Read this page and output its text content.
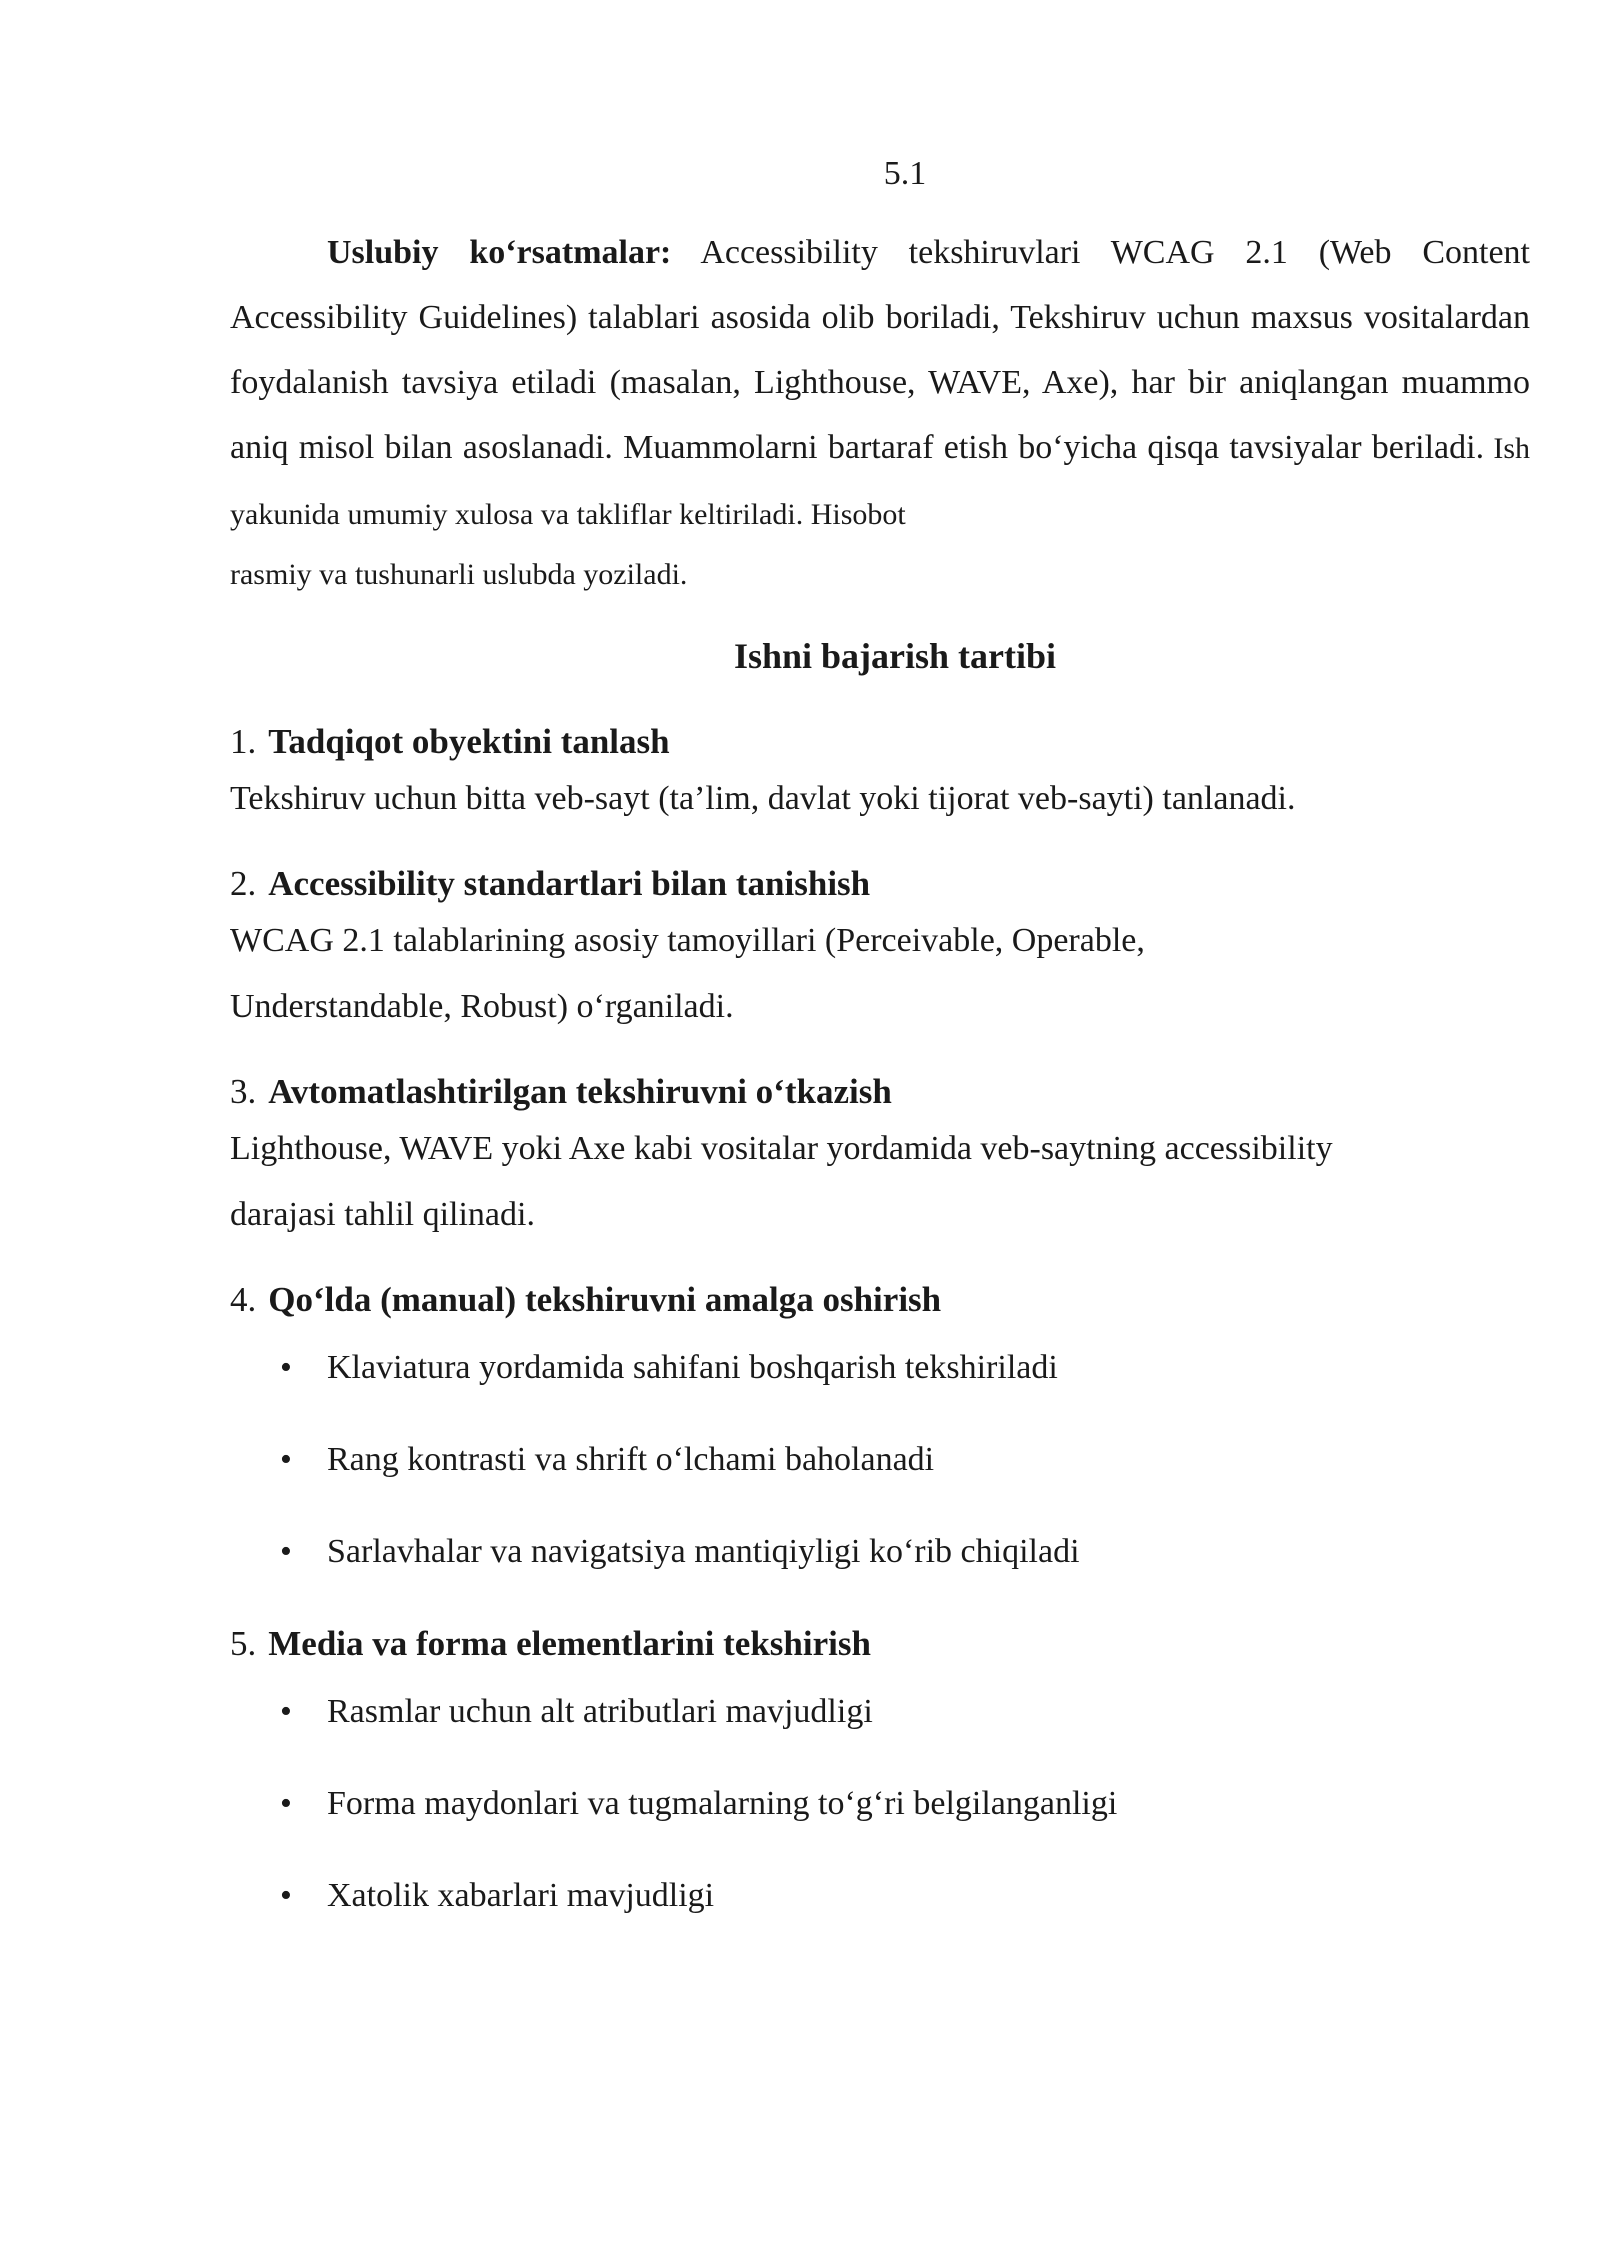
5.1

Uslubiy ko‘rsatmalar: Accessibility tekshiruvlari WCAG 2.1 (Web Content Accessibility Guidelines) talablari asosida olib boriladi, Tekshiruv uchun maxsus vositalardan foydalanish tavsiya etiladi (masalan, Lighthouse, WAVE, Axe), har bir aniqlangan muammo aniq misol bilan asoslanadi. Muammolarni bartaraf etish bo‘yicha qisqa tavsiyalar beriladi. Ish yakunida umumiy xulosa va takliflar keltiriladi. Hisobot

rasmiy va tushunarli uslubda yoziladi.

Ishni bajarish tartibi

1. Tadqiqot obyektini tanlash

Tekshiruv uchun bitta veb-sayt (ta’lim, davlat yoki tijorat veb-sayti) tanlanadi.

2. Accessibility standartlari bilan tanishish

WCAG 2.1 talablarining asosiy tamoyillari (Perceivable, Operable,
Understandable, Robust) o‘rganiladi.

3. Avtomatlashtirilgan tekshiruvni o‘tkazish

Lighthouse, WAVE yoki Axe kabi vositalar yordamida veb-saytning accessibility
darajasi tahlil qilinadi.

4. Qo‘lda (manual) tekshiruvni amalga oshirish

• Klaviatura yordamida sahifani boshqarish tekshiriladi
• Rang kontrasti va shrift o‘lchami baholanadi
• Sarlavhalar va navigatsiya mantiqiyligi ko‘rib chiqiladi

5. Media va forma elementlarini tekshirish

• Rasmlar uchun alt atributlari mavjudligi
• Forma maydonlari va tugmalarning to‘g‘ri belgilanganligi
• Xatolik xabarlari mavjudligi
